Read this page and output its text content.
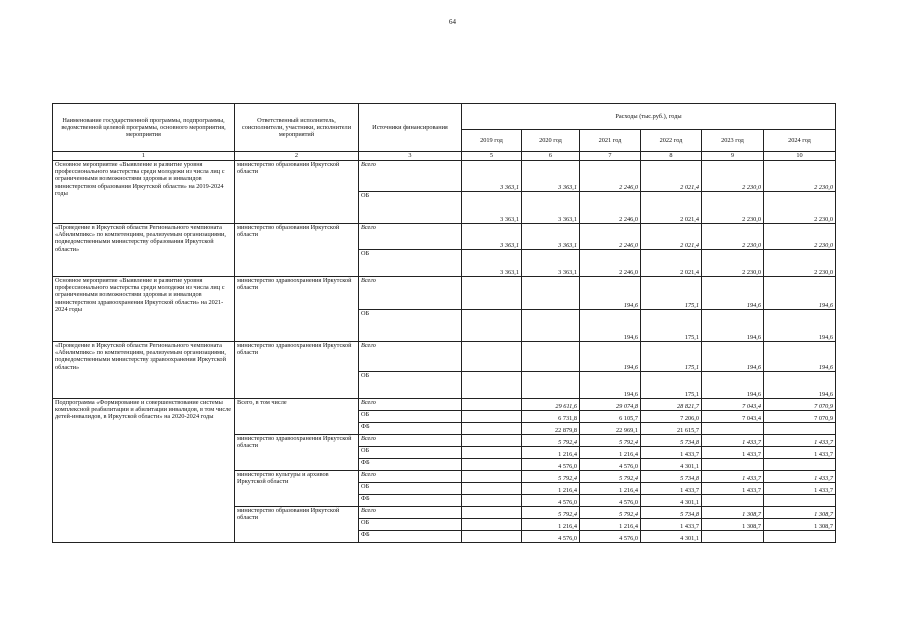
64
Наименование государственной программы, подпрограммы, ведомственной целевой программы, основного мероприятия, мероприятия	Ответственный исполнитель, соисполнители, участники, исполнители мероприятий	Источники финансирования	Расходы (тыс.руб.), годы					
			2019 год	2020 год	2021 год	2022 год	2023 год	2024 год
1	2	3	5	6	7	8	9	10
Основное мероприятие «Выявление и развитие уровня профессионального мастерства среди молодежи из числа лиц с ограниченными возможностями здоровья и инвалидов министерством образования Иркутской области» на 2019-2024 годы	министерство образования Иркутской области	Всего	3 363,1	3 363,1	2 246,0	2 021,4	2 230,0	2 230,0
		ОБ	3 363,1	3 363,1	2 246,0	2 021,4	2 230,0	2 230,0
«Проведение в Иркутской области Регионального чемпионата «Абилимпикс» по компетенциям, реализуемым организациями, подведомственными министерству образования Иркутской области»	министерство образования Иркутской области	Всего	3 363,1	3 363,1	2 246,0	2 021,4	2 230,0	2 230,0
		ОБ	3 363,1	3 363,1	2 246,0	2 021,4	2 230,0	2 230,0
Основное мероприятие «Выявление и развитие уровня профессионального мастерства среди молодежи из числа лиц с ограниченными возможностями здоровья и инвалидов министерством здравоохранения Иркутской области» на 2021-2024 годы	министерство здравоохранения Иркутской области	Всего			194,6	175,1	194,6	194,6
		ОБ			194,6	175,1	194,6	194,6
«Проведение в Иркутской области Регионального чемпионата «Абилимпикс» по компетенциям, реализуемым организациями, подведомственными министерству здравоохранения Иркутской области»	министерство здравоохранения Иркутской области	Всего			194,6	175,1	194,6	194,6
		ОБ			194,6	175,1	194,6	194,6
Подпрограмма «Формирование и совершенствование системы комплексной реабилитации и абилитации инвалидов, в том числе детей-инвалидов, в Иркутской области» на 2020-2024 годы	Всего, в том числе	Всего		29 611,6	29 074,8	28 821,7	7 043,4	7 070,9
		ОБ		6 731,8	6 105,7	7 206,0	7 043,4	7 070,9
		ФБ		22 879,8	22 969,1	21 615,7		
	министерство здравоохранения Иркутской области	Всего		5 792,4	5 792,4	5 734,8	1 433,7	1 433,7
		ОБ		1 216,4	1 216,4	1 433,7	1 433,7	1 433,7
		ФБ		4 576,0	4 576,0	4 301,1		
	министерство культуры и архивов Иркутской области	Всего		5 792,4	5 792,4	5 734,8	1 433,7	1 433,7
		ОБ		1 216,4	1 216,4	1 433,7	1 433,7	1 433,7
		ФБ		4 576,0	4 576,0	4 301,1		
	министерство образования Иркутской области	Всего		5 792,4	5 792,4	5 734,8	1 308,7	1 308,7
		ОБ		1 216,4	1 216,4	1 433,7	1 308,7	1 308,7
		ФБ		4 576,0	4 576,0	4 301,1		
